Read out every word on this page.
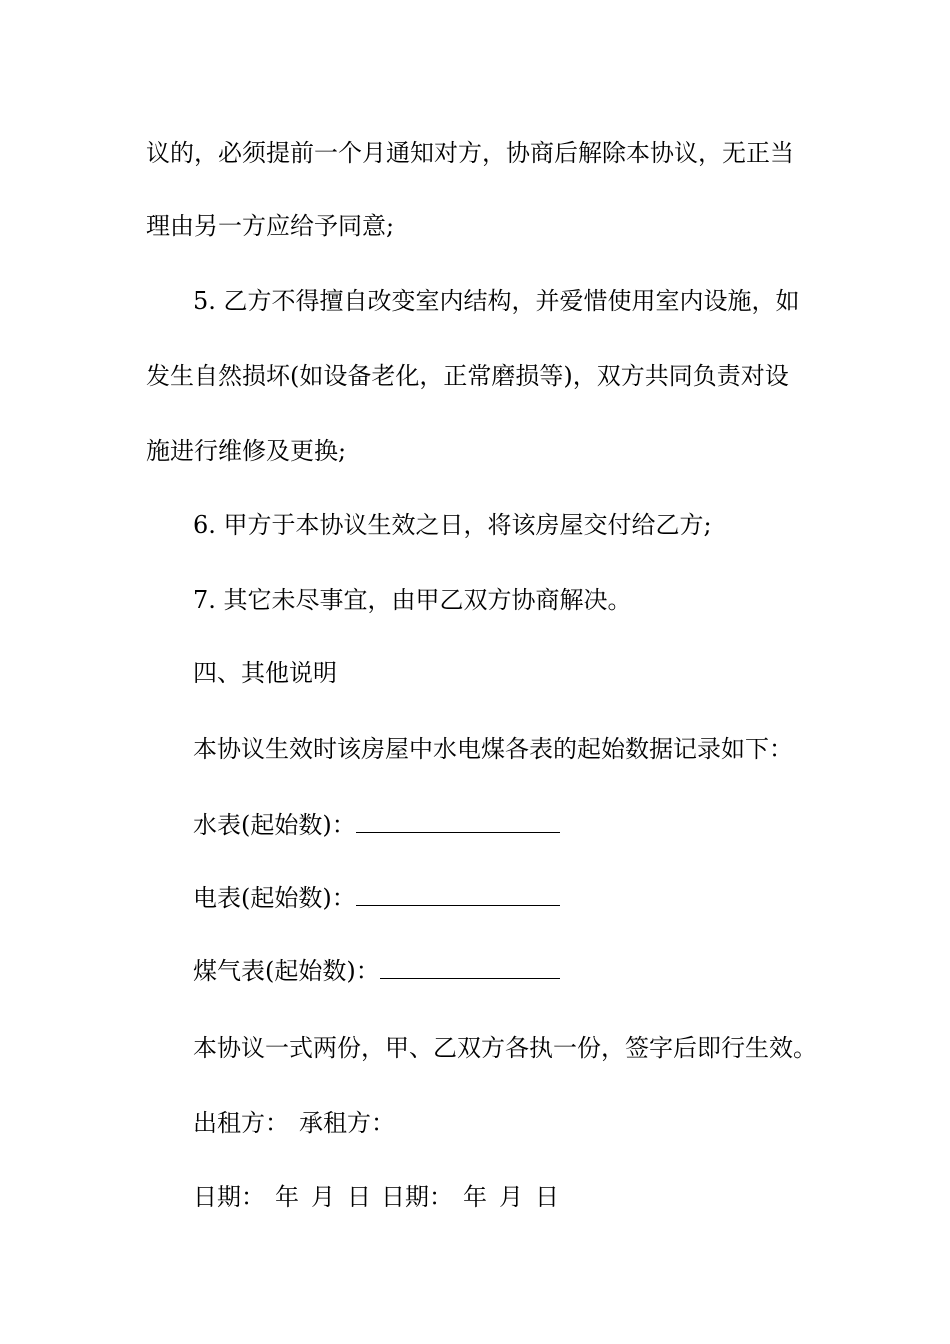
议的，必须提前一个月通知对方，协商后解除本协议，无正当
理由另一方应给予同意;
5. 乙方不得擅自改变室内结构，并爱惜使用室内设施，如
发生自然损坏(如设备老化，正常磨损等)，双方共同负责对设
施进行维修及更换;
6. 甲方于本协议生效之日，将该房屋交付给乙方;
7. 其它未尽事宜，由甲乙双方协商解决。
四、其他说明
本协议生效时该房屋中水电煤各表的起始数据记录如下：
水表(起始数)：
电表(起始数)：
煤气表(起始数)：
本协议一式两份，甲、乙双方各执一份，签字后即行生效。
出租方： 承租方：
日期： 年 月 日 日期： 年 月 日
